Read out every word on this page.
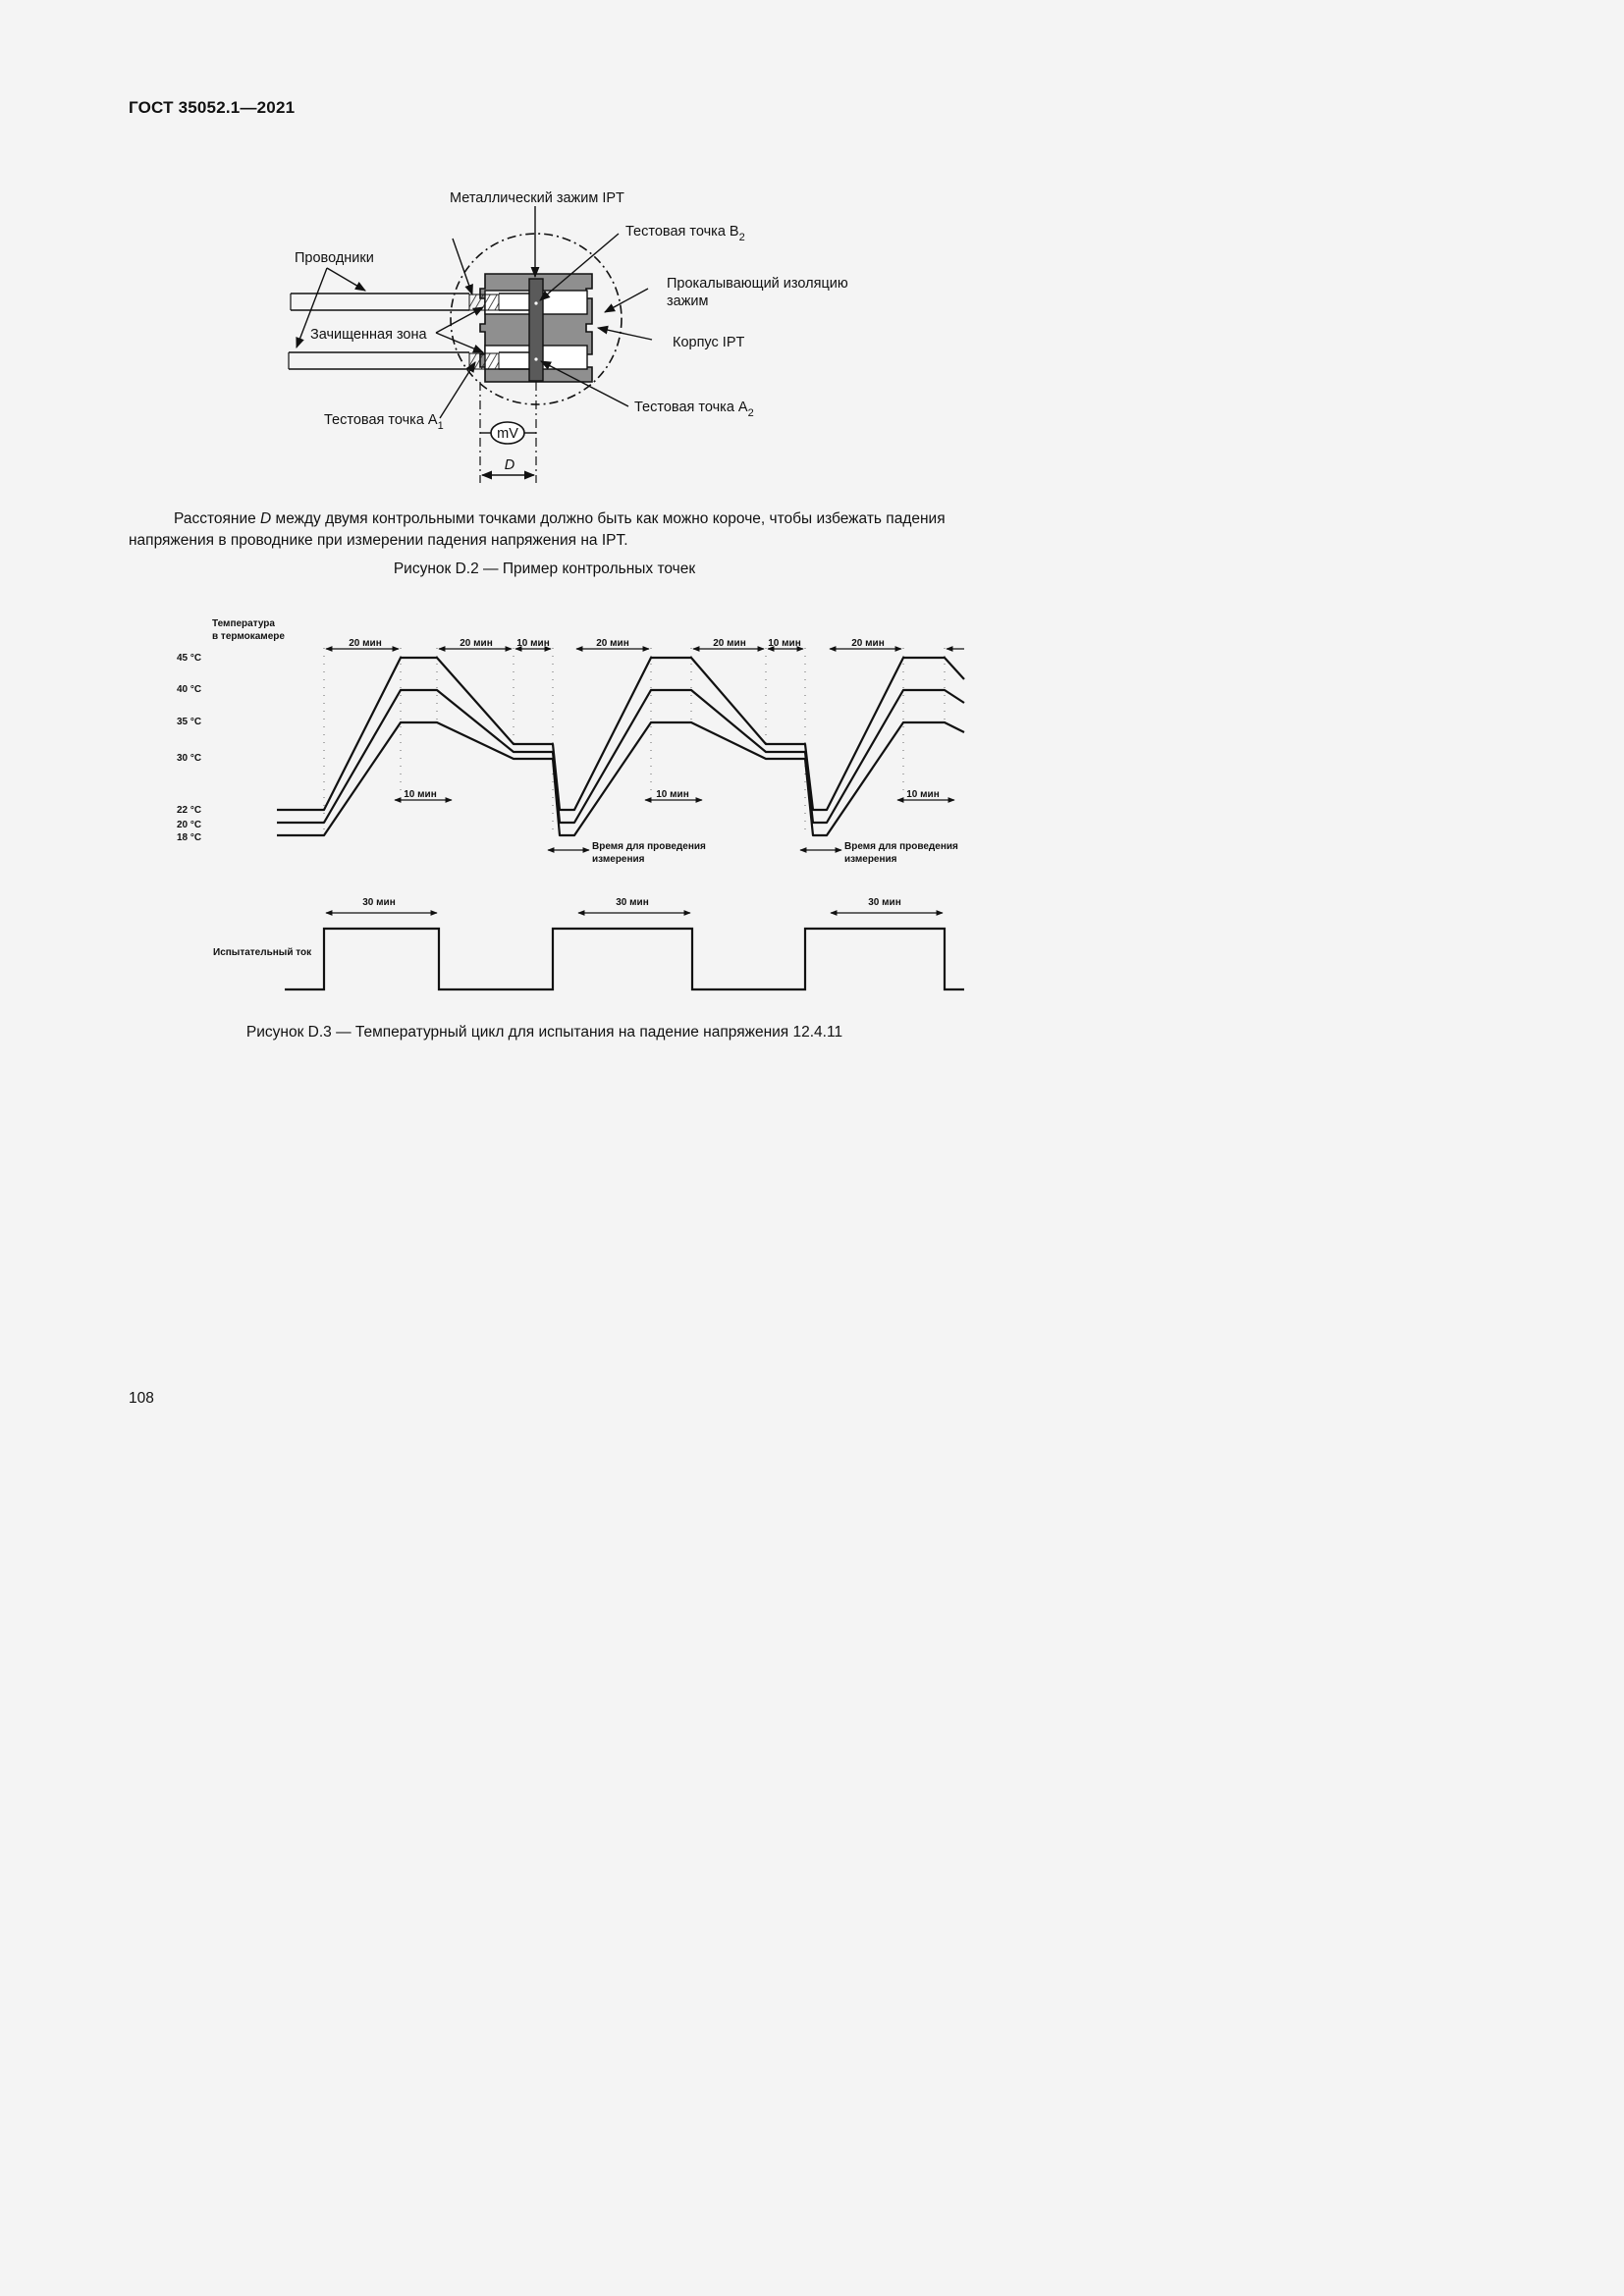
ГОСТ 35052.1—2021
mV
D
Металлический зажим IPT
Тестовая точка $B_2$
Проводники
Прокалывающий изоляцию
зажим
Зачищенная зона	Корпус IPT
Тестовая точка $A_2$
Тестовая точка $A_1$
Расстояние D между двумя контрольными точками должно быть как можно короче, чтобы избежать падения напряжения в проводнике при измерении падения напряжения на IPT.
Рисунок D.2 — Пример контрольных точек
Температура
в термокамере
45 °C
40 °C
35 °C
30 °C
22 °C
20 °C
18 °C
20 мин	20 мин 10 мин	20 мин	20 мин 10 мин	20 мин
10 мин	10 мин	10 мин
Время для проведения
измерения
Время для проведения
измерения
30 мин	30 мин	30 мин
Испытательный ток
Рисунок D.3 — Температурный цикл для испытания на падение напряжения 12.4.11
108
